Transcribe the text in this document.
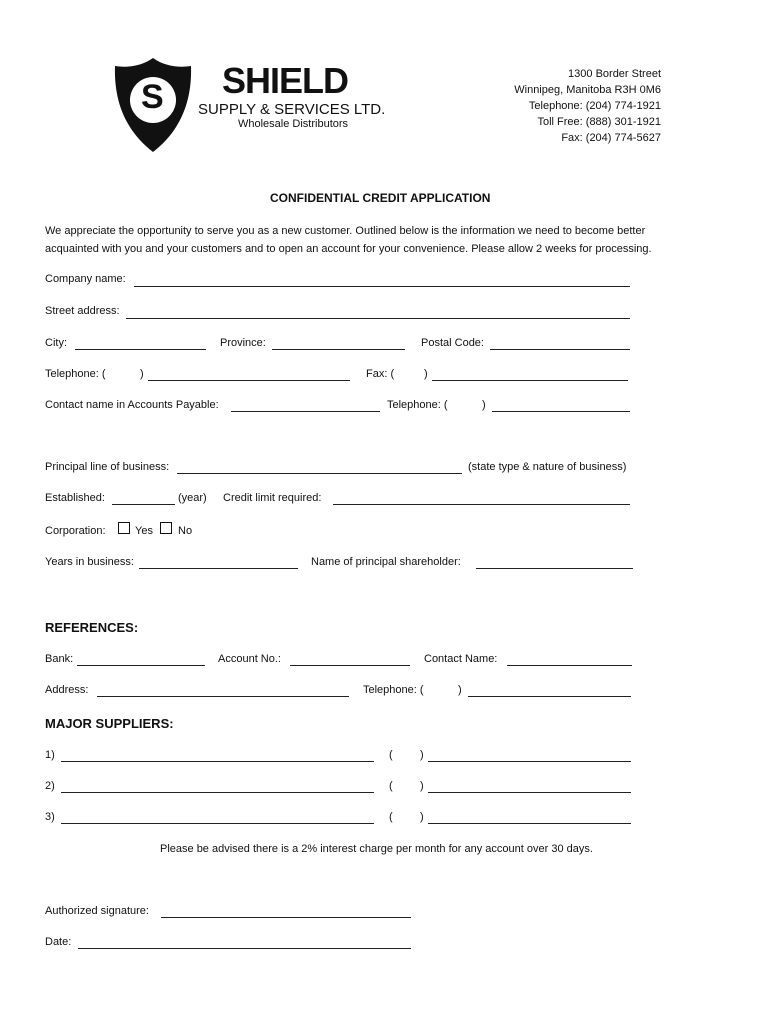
S SHIELD
SUPPLY & SERVICES LTD.
Wholesale Distributors
1300 Border Street
Winnipeg, Manitoba R3H 0M6
Telephone: (204) 774-1921
Toll Free: (888) 301-1921
Fax: (204) 774-5627
CONFIDENTIAL CREDIT APPLICATION
We appreciate the opportunity to serve you as a new customer. Outlined below is the information we need to become better
acquainted with you and your customers and to open an account for your convenience. Please allow 2 weeks for processing.
Company name:
Street address:
City:	Province:	Postal Code:
Telephone: (	)	Fax: (	)
Contact name in Accounts Payable:	Telephone: (	)
Principal line of business:	(state type & nature of business)
Established:	(year) Credit limit required:
Corporation:	Yes No
Years in business:	Name of principal shareholder:
REFERENCES:
Bank:	Account No.:	Contact Name:
Address:	Telephone: (	)
MAJOR SUPPLIERS:
1)	( )
2)	( )
3)	( )
Please be advised there is a 2% interest charge per month for any account over 30 days.
Authorized signature:
Date:
